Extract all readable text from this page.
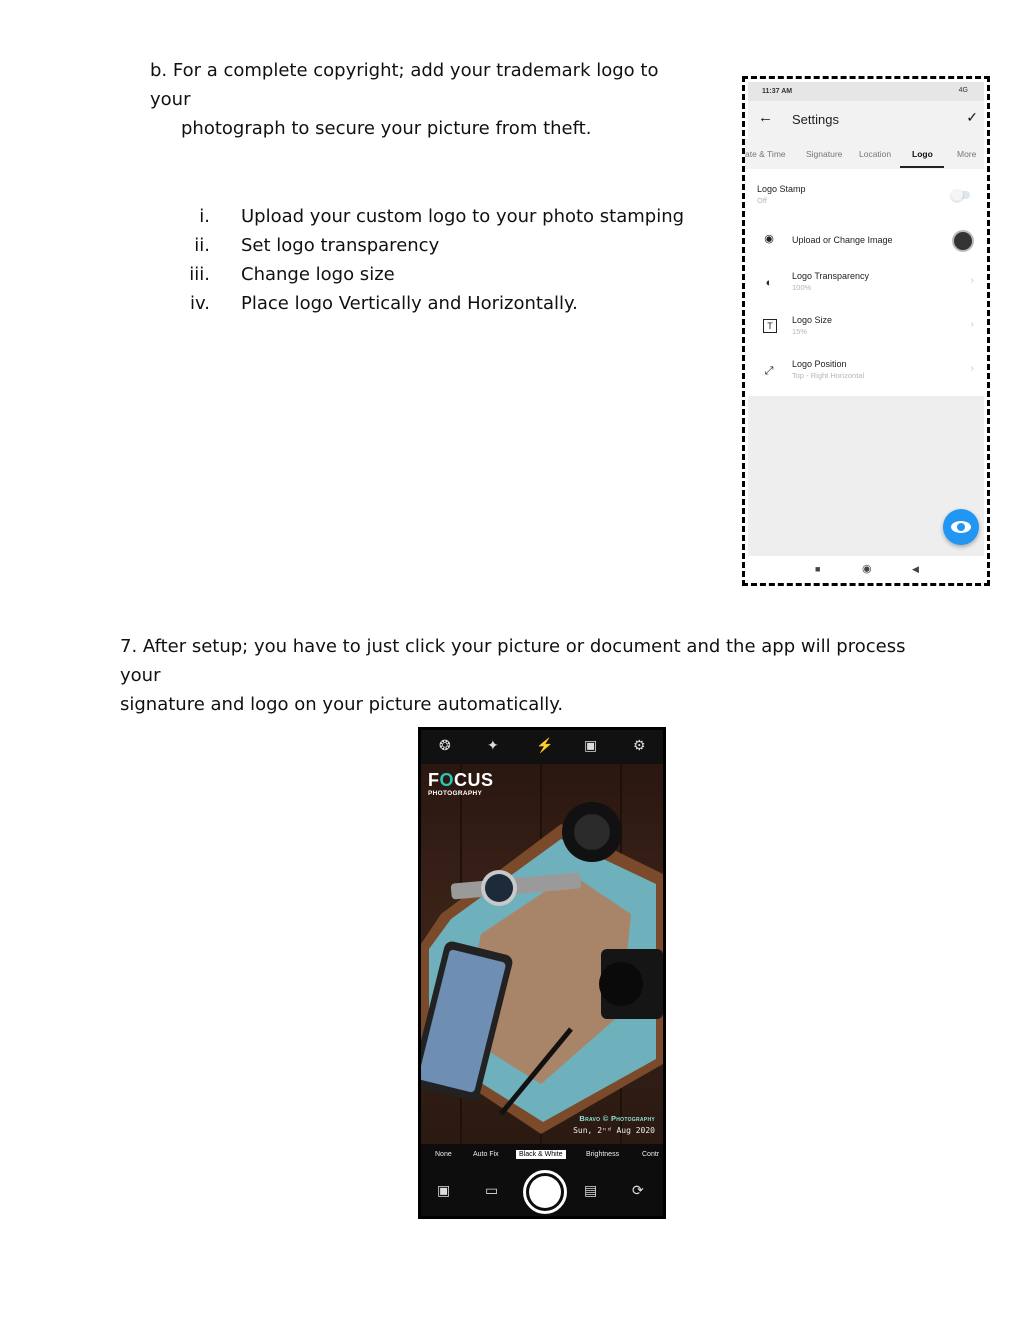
b. For a complete copyright; add your trademark logo to your
photograph to secure your picture from theft.
i. Upload your custom logo to your photo stamping
ii. Set logo transparency
iii. Change logo size
iv. Place logo Vertically and Horizontally.
11:37 AM	4G
← Settings	✓
ate & Time Signature Location Logo	More
Logo Stamp
Off
◉	Upload or Change Image
◐
Logo Transparency
100%
›
T
Logo Size
15%
›
⤢
Logo Position
Top - Right Horizontal
›
■	◉	◀
7. After setup; you have to just click your picture or document and the app will process your
signature and logo on your picture automatically.
❂	✦	⚡ ▣	⚙
FOCUS
PHOTOGRAPHY
Bravo © Photography
Sun, 2ⁿᵈ Aug 2020
None	Auto Fix	Black & White	Brightness	Contr
▣ ▭	▤ ⟳
